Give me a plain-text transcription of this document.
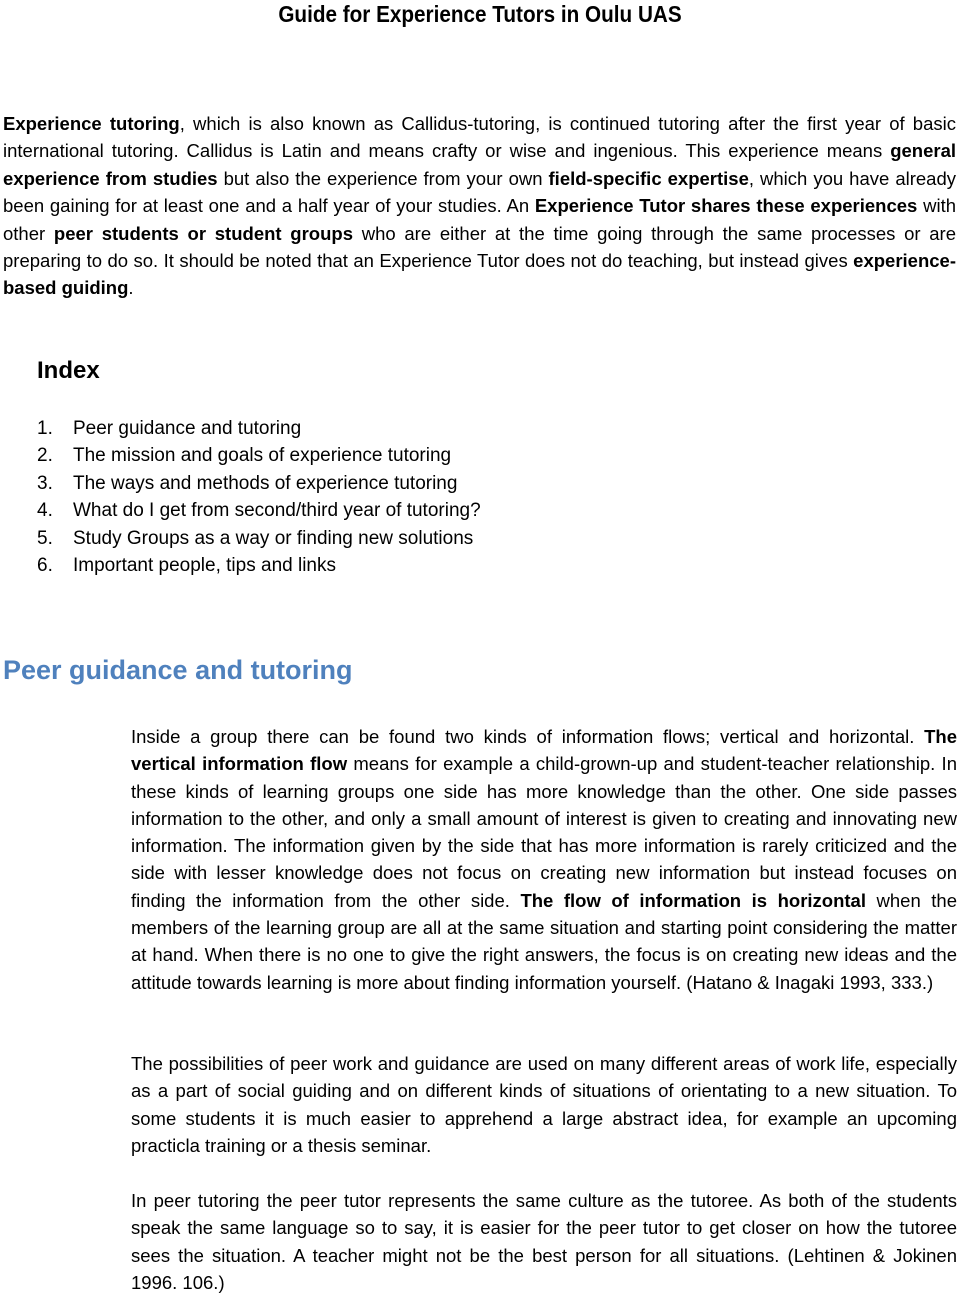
Guide for Experience Tutors in Oulu UAS

Experience tutoring, which is also known as Callidus-tutoring, is continued tutoring after the first year of basic international tutoring. Callidus is Latin and means crafty or wise and ingenious. This experience means general experience from studies but also the experience from your own field-specific expertise, which you have already been gaining for at least one and a half year of your studies. An Experience Tutor shares these experiences with other peer students or student groups who are either at the time going through the same processes or are preparing to do so. It should be noted that an Experience Tutor does not do teaching, but instead gives experience-based guiding.

Index
1.	Peer guidance and tutoring
2.	The mission and goals of experience tutoring
3.	The ways and methods of experience tutoring
4.	What do I get from second/third year of tutoring?
5.	Study Groups as a way or finding new solutions
6.	Important people, tips and links
Peer guidance and tutoring

Inside a group there can be found two kinds of information flows; vertical and horizontal. The vertical information flow means for example a child-grown-up and student-teacher relationship. In these kinds of learning groups one side has more knowledge than the other. One side passes information to the other, and only a small amount of interest is given to creating and innovating new information. The information given by the side that has more information is rarely criticized and the side with lesser knowledge does not focus on creating new information but instead focuses on finding the information from the other side. The flow of information is horizontal when the members of the learning group are all at the same situation and starting point considering the matter at hand. When there is no one to give the right answers, the focus is on creating new ideas and the attitude towards learning is more about finding information yourself. (Hatano & Inagaki 1993, 333.)

The possibilities of peer work and guidance are used on many different areas of work life, especially as a part of social guiding and on different kinds of situations of orientating to a new situation. To some students it is much easier to apprehend a large abstract idea, for example an upcoming practicla training or a thesis seminar.

In peer tutoring the peer tutor represents the same culture as the tutoree. As both of the students speak the same language so to say, it is easier for the peer tutor to get closer on how the tutoree sees the situation. A teacher might not be the best person for all situations. (Lehtinen & Jokinen 1996. 106.)
